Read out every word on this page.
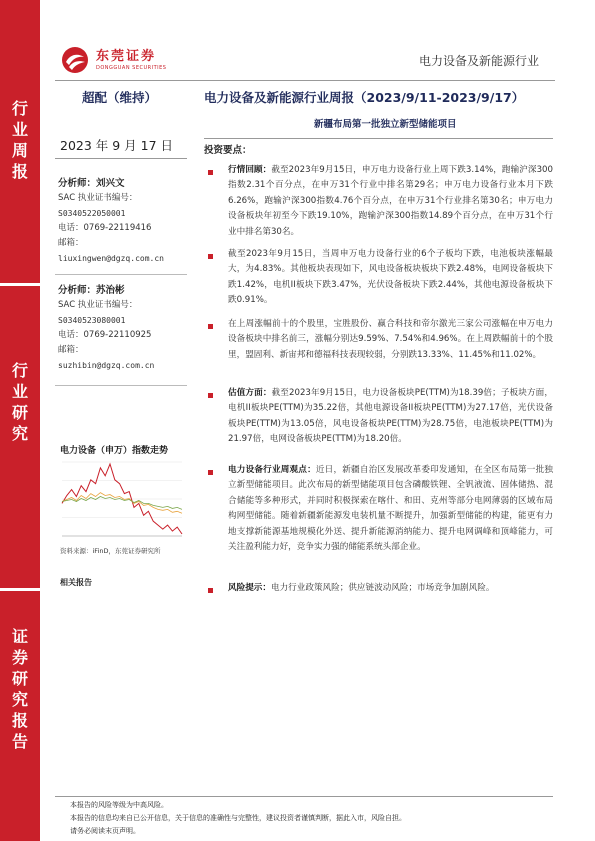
行
业
周
报
行
业
研
究
证
券
研
究
报
告
东莞证券
DONGGUAN SECURITIES	电力设备及新能源行业
超配（维持）	电力设备及新能源行业周报（2023/9/11-2023/9/17）
新疆布局第一批独立新型储能项目
2023 年 9 月 17 日
分析师：刘兴文
SAC 执业证书编号：
S0340522050001
电话：0769-22119416
邮箱：
liuxingwen@dgzq.com.cn
分析师：苏治彬
SAC 执业证书编号：
S0340523080001
电话：0769-22110925
邮箱：
suzhibin@dgzq.com.cn
电力设备（申万）指数走势
资料来源：iFinD，东莞证券研究所
相关报告
投资要点：
行情回顾：截至2023年9月15日，申万电力设备行业上周下跌3.14%，跑输沪深300指数2.31个百分点，在申万31个行业中排名第29名；申万电力设备行业本月下跌6.26%，跑输沪深300指数4.76个百分点，在申万31个行业排名第30名；申万电力设备板块年初至今下跌19.10%，跑输沪深300指数14.89个百分点，在申万31个行业中排名第30名。
截至2023年9月15日，当周申万电力设备行业的6个子板均下跌，电池板块涨幅最大，为4.83%。其他板块表现如下，风电设备板块板块下跌2.48%，电网设备板块下跌1.42%，电机II板块下跌3.47%，光伏设备板块下跌2.44%，其他电源设备板块下跌0.91%。
在上周涨幅前十的个股里，宝胜股份、赢合科技和帝尔激光三家公司涨幅在申万电力设备板块中排名前三，涨幅分别达9.59%、7.54%和4.96%。在上周跌幅前十的个股里，盟固利、新宙邦和德福科技表现较弱，分别跌13.33%、11.45%和11.02%。
估值方面：截至2023年9月15日，电力设备板块PE(TTM)为18.39倍；子板块方面，电机II板块PE(TTM)为35.22倍，其他电源设备II板块PE(TTM)为27.17倍，光伏设备板块PE(TTM)为13.05倍，风电设备板块PE(TTM)为28.75倍，电池板块PE(TTM)为21.97倍，电网设备板块PE(TTM)为18.20倍。
电力设备行业周观点：近日，新疆自治区发展改革委印发通知，在全区布局第一批独立新型储能项目。此次布局的新型储能项目包含磷酸铁锂、全钒液流、固体储热、混合储能等多种形式，并同时积极探索在喀什、和田、克州等部分电网薄弱的区域布局构网型储能。随着新疆新能源发电装机量不断提升，加强新型储能的构建，能更有力地支撑新能源基地规模化外送、提升新能源消纳能力、提升电网调峰和顶峰能力，可关注盈利能力好，竞争实力强的储能系统头部企业。
风险提示：电力行业政策风险；供应链波动风险；市场竞争加剧风险。
本报告的风险等级为中高风险。
本报告的信息均来自已公开信息，关于信息的准确性与完整性，建议投资者谨慎判断，据此入市，风险自担。
请务必阅读末页声明。
